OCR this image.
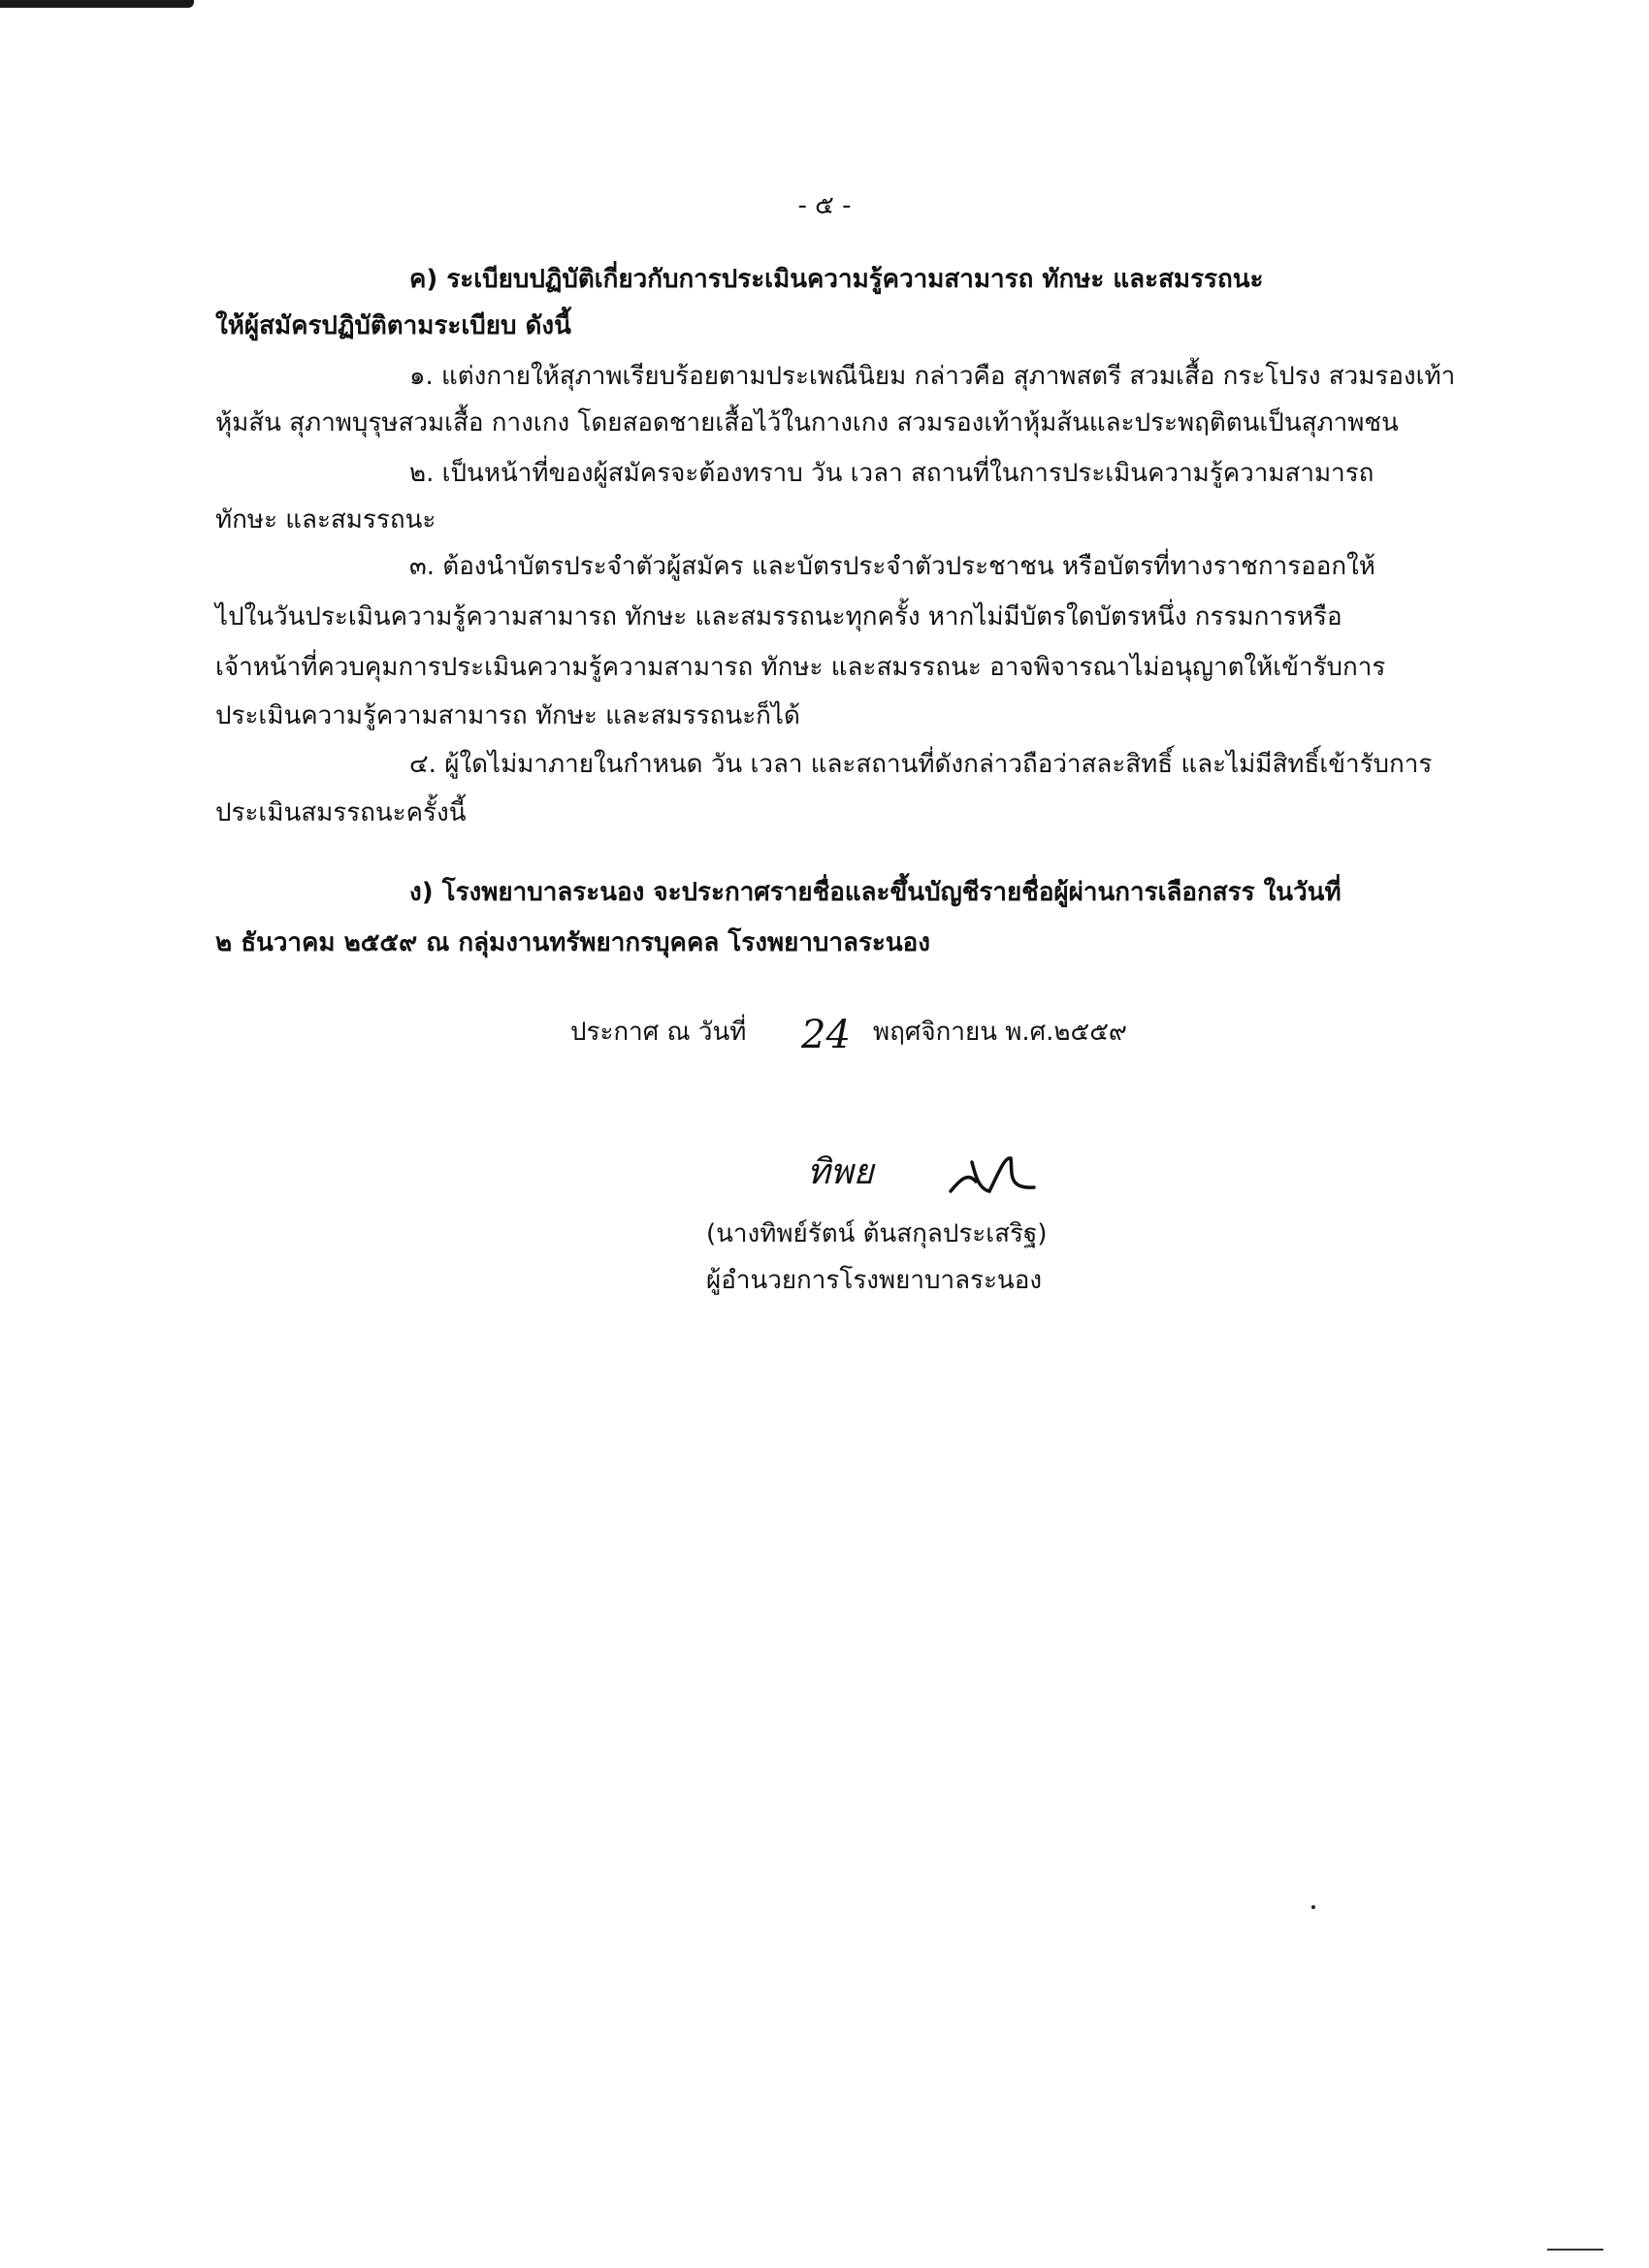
- ๕ -
ค) ระเบียบปฏิบัติเกี่ยวกับการประเมินความรู้ความสามารถ ทักษะ และสมรรถนะ
ให้ผู้สมัครปฏิบัติตามระเบียบ ดังนี้
๑. แต่งกายให้สุภาพเรียบร้อยตามประเพณีนิยม กล่าวคือ สุภาพสตรี สวมเสื้อ กระโปรง สวมรองเท้า
หุ้มส้น สุภาพบุรุษสวมเสื้อ กางเกง โดยสอดชายเสื้อไว้ในกางเกง สวมรองเท้าหุ้มส้นและประพฤติตนเป็นสุภาพชน
๒. เป็นหน้าที่ของผู้สมัครจะต้องทราบ วัน เวลา สถานที่ในการประเมินความรู้ความสามารถ
ทักษะ และสมรรถนะ
๓. ต้องนำบัตรประจำตัวผู้สมัคร และบัตรประจำตัวประชาชน หรือบัตรที่ทางราชการออกให้
ไปในวันประเมินความรู้ความสามารถ ทักษะ และสมรรถนะทุกครั้ง หากไม่มีบัตรใดบัตรหนึ่ง กรรมการหรือ
เจ้าหน้าที่ควบคุมการประเมินความรู้ความสามารถ ทักษะ และสมรรถนะ อาจพิจารณาไม่อนุญาตให้เข้ารับการ
ประเมินความรู้ความสามารถ ทักษะ และสมรรถนะก็ได้
๔. ผู้ใดไม่มาภายในกำหนด วัน เวลา และสถานที่ดังกล่าวถือว่าสละสิทธิ์ และไม่มีสิทธิ์เข้ารับการ
ประเมินสมรรถนะครั้งนี้
ง) โรงพยาบาลระนอง จะประกาศรายชื่อและขึ้นบัญชีรายชื่อผู้ผ่านการเลือกสรร ในวันที่
๒ ธันวาคม ๒๕๕๙ ณ กลุ่มงานทรัพยากรบุคคล โรงพยาบาลระนอง
ประกาศ ณ วันที่ 24 พฤศจิกายน พ.ศ.๒๕๕๙
ทิพย
(นางทิพย์รัตน์ ต้นสกุลประเสริฐ)
ผู้อำนวยการโรงพยาบาลระนอง
